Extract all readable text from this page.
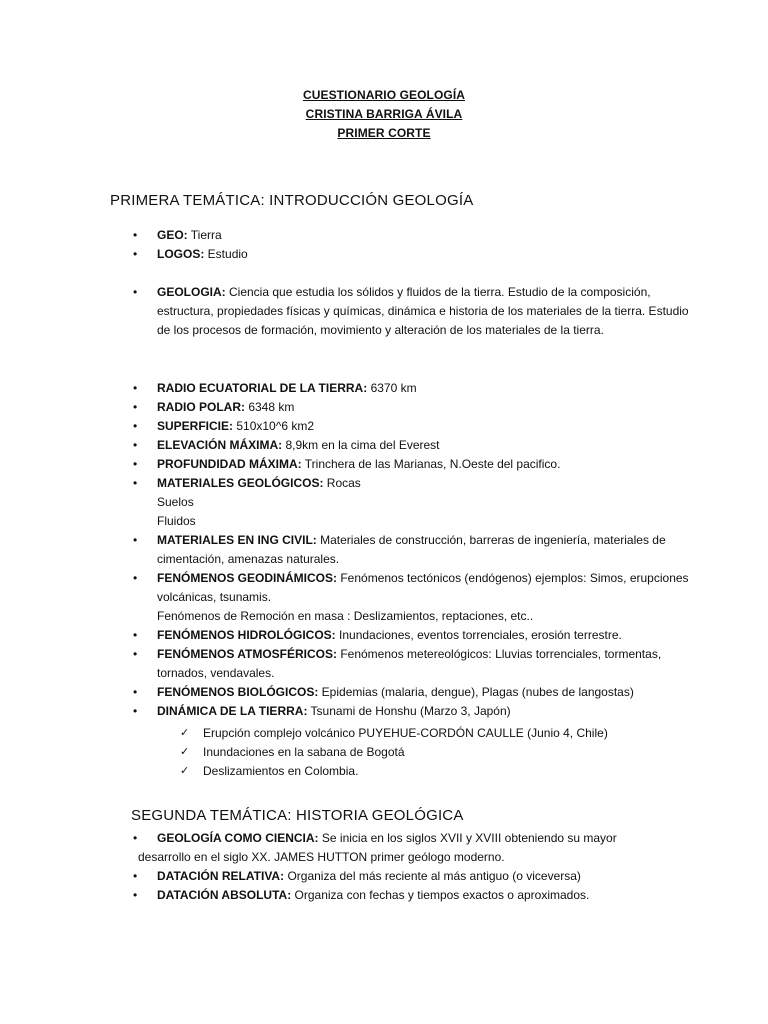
CUESTIONARIO GEOLOGÍA
CRISTINA BARRIGA ÁVILA
PRIMER CORTE
PRIMERA TEMÁTICA: INTRODUCCIÓN GEOLOGÍA
• GEO: Tierra
• LOGOS: Estudio
• GEOLOGIA: Ciencia que estudia los sólidos y fluidos de la tierra. Estudio de la composición, estructura, propiedades físicas y químicas, dinámica e historia de los materiales de la tierra. Estudio de los procesos de formación, movimiento y alteración de los materiales de la tierra.
• RADIO ECUATORIAL DE LA TIERRA: 6370 km
• RADIO POLAR: 6348 km
• SUPERFICIE: 510x10^6 km2
• ELEVACIÓN MÁXIMA: 8,9km en la cima del Everest
• PROFUNDIDAD MÁXIMA: Trinchera de las Marianas, N.Oeste del pacifico.
• MATERIALES GEOLÓGICOS: Rocas
Suelos
Fluidos
• MATERIALES EN ING CIVIL: Materiales de construcción, barreras de ingeniería, materiales de cimentación, amenazas naturales.
• FENÓMENOS GEODINÁMICOS: Fenómenos tectónicos (endógenos) ejemplos: Simos, erupciones volcánicas, tsunamis.
Fenómenos de Remoción en masa : Deslizamientos, reptaciones, etc..
• FENÓMENOS HIDROLÓGICOS: Inundaciones, eventos torrenciales, erosión terrestre.
• FENÓMENOS ATMOSFÉRICOS: Fenómenos metereológicos: Lluvias torrenciales, tormentas, tornados, vendavales.
• FENÓMENOS BIOLÓGICOS: Epidemias (malaria, dengue), Plagas (nubes de langostas)
• DINÁMICA DE LA TIERRA: Tsunami de Honshu (Marzo 3, Japón)
✓ Erupción complejo volcánico PUYEHUE-CORDÓN CAULLE (Junio 4, Chile)
✓ Inundaciones en la sabana de Bogotá
✓ Deslizamientos en Colombia.
SEGUNDA TEMÁTICA: HISTORIA GEOLÓGICA
• GEOLOGÍA COMO CIENCIA: Se inicia en los siglos XVII y XVIII obteniendo su mayor
desarrollo en el siglo XX. JAMES HUTTON primer geólogo moderno.
• DATACIÓN RELATIVA: Organiza del más reciente al más antiguo (o viceversa)
• DATACIÓN ABSOLUTA: Organiza con fechas y tiempos exactos o aproximados.
